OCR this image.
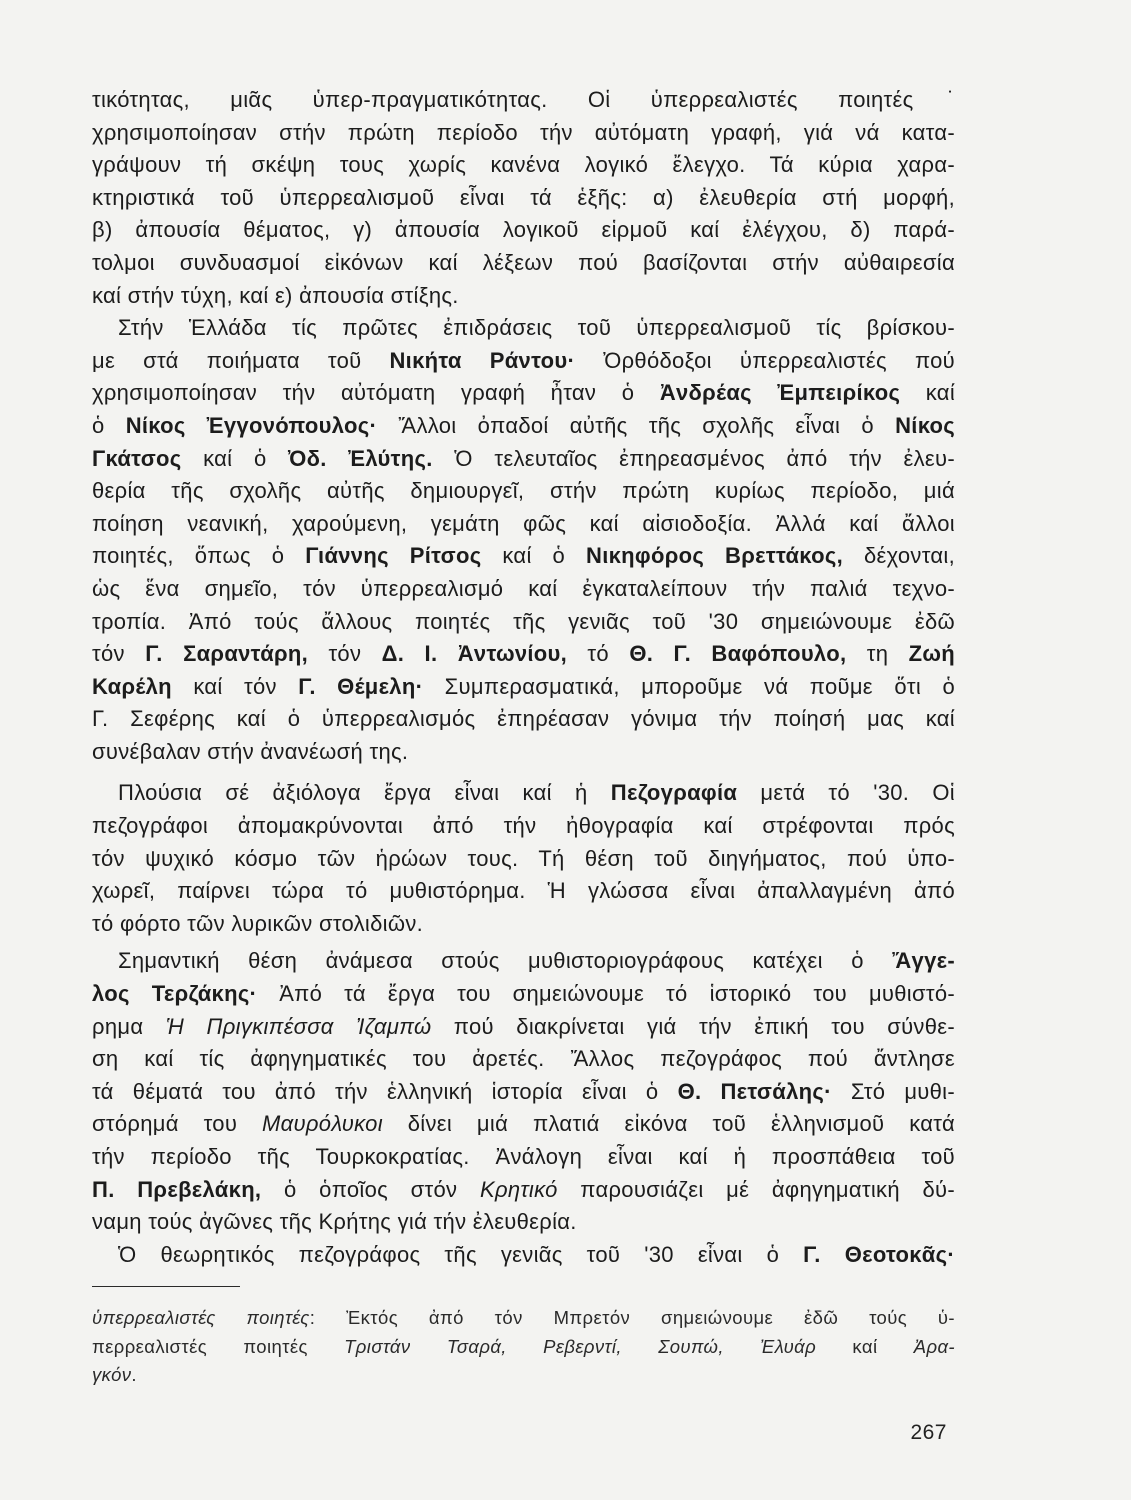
τικότητας, μιᾶς ὑπερ-πραγματικότητας. Οἱ ὑπερρεαλιστές ποιητές˙
χρησιμοποίησαν στήν πρώτη περίοδο τήν αὐτόματη γραφή, γιά νά κατα-
γράψουν τή σκέψη τους χωρίς κανένα λογικό ἔλεγχο. Τά κύρια χαρα-
κτηριστικά τοῦ ὑπερρεαλισμοῦ εἶναι τά ἑξῆς: α) ἐλευθερία στή μορφή,
β) ἀπουσία θέματος, γ) ἀπουσία λογικοῦ εἱρμοῦ καί ἐλέγχου, δ) παρά-
τολμοι συνδυασμοί εἰκόνων καί λέξεων πού βασίζονται στήν αὐθαιρεσία
καί στήν τύχη, καί ε) ἀπουσία στίξης.
Στήν Ἑλλάδα τίς πρῶτες ἐπιδράσεις τοῦ ὑπερρεαλισμοῦ τίς βρίσκου-
με στά ποιήματα τοῦ Νικήτα Ράντου· Ὀρθόδοξοι ὑπερρεαλιστές πού
χρησιμοποίησαν τήν αὐτόματη γραφή ἦταν ὁ Ἀνδρέας Ἐμπειρίκος καί
ὁ Νίκος Ἐγγονόπουλος· Ἄλλοι ὀπαδοί αὐτῆς τῆς σχολῆς εἶναι ὁ Νίκος
Γκάτσος καί ὁ Ὀδ. Ἐλύτης. Ὁ τελευταῖος ἐπηρεασμένος ἀπό τήν ἐλευ-
θερία τῆς σχολῆς αὐτῆς δημιουργεῖ, στήν πρώτη κυρίως περίοδο, μιά
ποίηση νεανική, χαρούμενη, γεμάτη φῶς καί αἰσιοδοξία. Ἀλλά καί ἄλλοι
ποιητές, ὅπως ὁ Γιάννης Ρίτσος καί ὁ Νικηφόρος Βρεττάκος, δέχονται,
ὡς ἕνα σημεῖο, τόν ὑπερρεαλισμό καί ἐγκαταλείπουν τήν παλιά τεχνο-
τροπία. Ἀπό τούς ἄλλους ποιητές τῆς γενιᾶς τοῦ '30 σημειώνουμε ἐδῶ
τόν Γ. Σαραντάρη, τόν Δ. Ι. Ἀντωνίου, τό Θ. Γ. Βαφόπουλο, τη Ζωή
Καρέλη καί τόν Γ. Θέμελη· Συμπερασματικά, μποροῦμε νά ποῦμε ὅτι ὁ
Γ. Σεφέρης καί ὁ ὑπερρεαλισμός ἐπηρέασαν γόνιμα τήν ποίησή μας καί
συνέβαλαν στήν ἀνανέωσή της.
Πλούσια σέ ἀξιόλογα ἔργα εἶναι καί ἡ Πεζογραφία μετά τό '30. Οἱ
πεζογράφοι ἀπομακρύνονται ἀπό τήν ἠθογραφία καί στρέφονται πρός
τόν ψυχικό κόσμο τῶν ἡρώων τους. Τή θέση τοῦ διηγήματος, πού ὑπο-
χωρεῖ, παίρνει τώρα τό μυθιστόρημα. Ἡ γλώσσα εἶναι ἀπαλλαγμένη ἀπό
τό φόρτο τῶν λυρικῶν στολιδιῶν.
Σημαντική θέση ἀνάμεσα στούς μυθιστοριογράφους κατέχει ὁ Ἄγγε-
λος Τερζάκης· Ἀπό τά ἔργα του σημειώνουμε τό ἱστορικό του μυθιστό-
ρημα Ἡ Πριγκιπέσσα Ἰζαμπώ πού διακρίνεται γιά τήν ἐπική του σύνθε-
ση καί τίς ἀφηγηματικές του ἀρετές. Ἄλλος πεζογράφος πού ἄντλησε
τά θέματά του ἀπό τήν ἑλληνική ἱστορία εἶναι ὁ Θ. Πετσάλης· Στό μυθι-
στόρημά του Μαυρόλυκοι δίνει μιά πλατιά εἰκόνα τοῦ ἑλληνισμοῦ κατά
τήν περίοδο τῆς Τουρκοκρατίας. Ἀνάλογη εἶναι καί ἡ προσπάθεια τοῦ
Π. Πρεβελάκη, ὁ ὁποῖος στόν Κρητικό παρουσιάζει μέ ἀφηγηματική δύ-
ναμη τούς ἀγῶνες τῆς Κρήτης γιά τήν ἐλευθερία.
Ὁ θεωρητικός πεζογράφος τῆς γενιᾶς τοῦ '30 εἶναι ὁ Γ. Θεοτοκᾶς·
ὑπερρεαλιστές ποιητές: Ἐκτός ἀπό τόν Μπρετόν σημειώνουμε ἐδῶ τούς ὑ-
περρεαλιστές ποιητές Τριστάν Τσαρά, Ρεβερντί, Σουπώ, Ἐλυάρ καί Ἀρα-
γκόν.
267
